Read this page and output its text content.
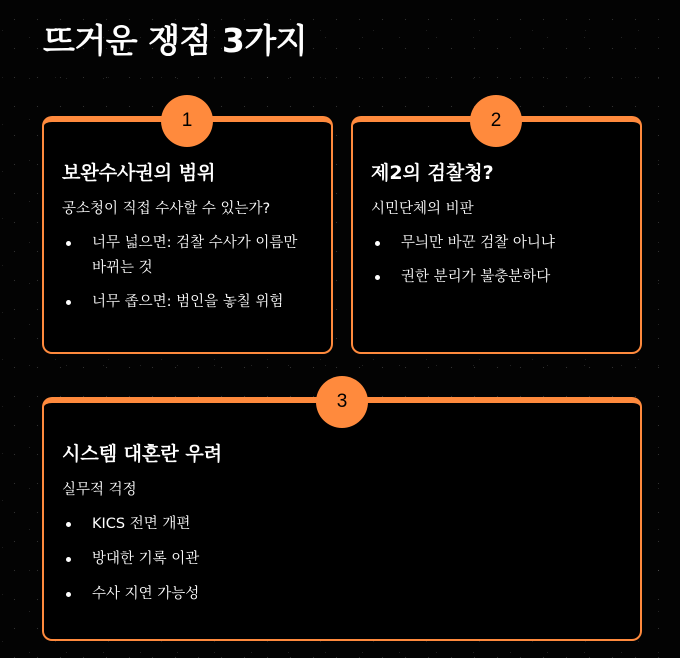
뜨거운 쟁점 3가지
1
보완수사권의 범위

공소청이 직접 수사할 수 있는가?

너무 넓으면: 검찰 수사가 이름만 바뀌는 것
너무 좁으면: 범인을 놓칠 위험
2
제2의 검찰청?

시민단체의 비판

무늬만 바꾼 검찰 아니냐
권한 분리가 불충분하다
3
시스템 대혼란 우려

실무적 걱정

KICS 전면 개편
방대한 기록 이관
수사 지연 가능성
